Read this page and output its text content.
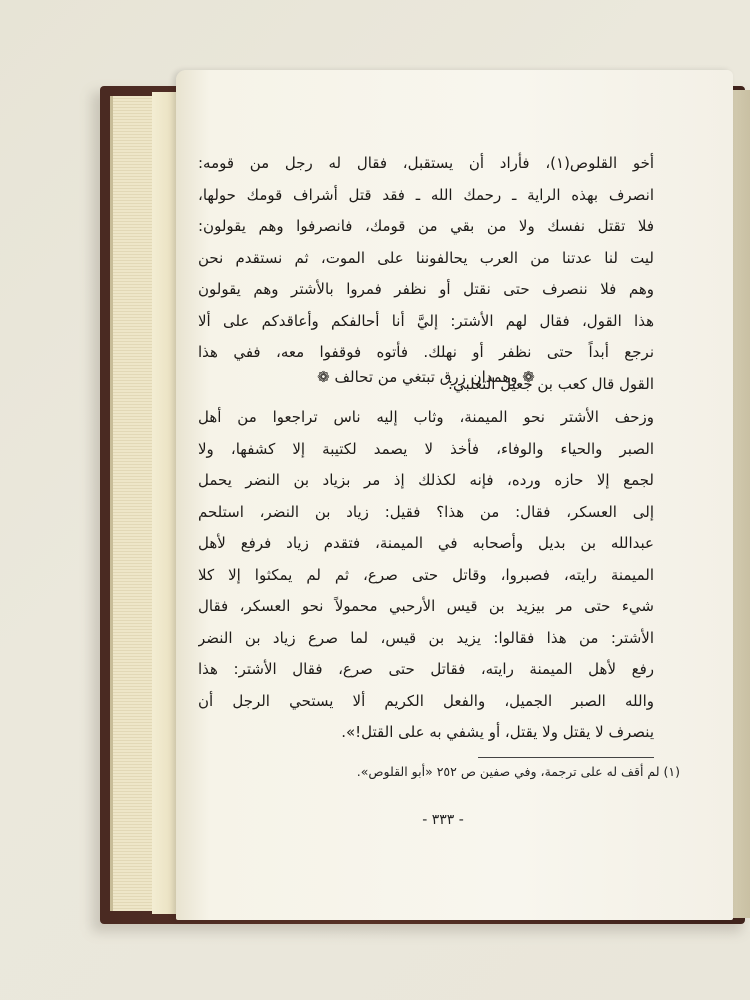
أخو القلوص(١)، فأراد أن يستقبل، فقال له رجل من قومه:
انصرف بهذه الراية ـ رحمك الله ـ فقد قتل أشراف قومك حولها،
فلا تقتل نفسك ولا من بقي من قومك، فانصرفوا وهم يقولون:
ليت لنا عدتنا من العرب يحالفوننا على الموت، ثم نستقدم نحن
وهم فلا ننصرف حتى نقتل أو نظفر فمروا بالأشتر وهم يقولون
هذا القول، فقال لهم الأشتر: إليَّ أنا أحالفكم وأعاقدكم على ألا
نرجع أبداً حتى نظفر أو نهلك. فأتوه فوقفوا معه، ففي هذا
القول قال كعب بن جعيل التغلبي:
❁ وهمدان زرق تبتغي من تحالف ❁
وزحف الأشتر نحو الميمنة، وثاب إليه ناس تراجعوا من أهل
الصبر والحياء والوفاء، فأخذ لا يصمد لكتيبة إلا كشفها، ولا
لجمع إلا حازه ورده، فإنه لكذلك إذ مر بزياد بن النضر يحمل
إلى العسكر، فقال: من هذا؟ فقيل: زياد بن النضر، استلحم
عبدالله بن بديل وأصحابه في الميمنة، فتقدم زياد فرفع لأهل
الميمنة رايته، فصبروا، وقاتل حتى صرع، ثم لم يمكثوا إلا كلا
شيء حتى مر بيزيد بن قيس الأرحبي محمولاً نحو العسكر، فقال
الأشتر: من هذا فقالوا: يزيد بن قيس، لما صرع زياد بن النضر
رفع لأهل الميمنة رايته، فقاتل حتى صرع، فقال الأشتر: هذا
والله الصبر الجميل، والفعل الكريم ألا يستحي الرجل أن
ينصرف لا يقتل ولا يقتل، أو يشفي به على القتل!».
(١) لم أقف له على ترجمة، وفي صفين ص ٢٥٢ «أبو القلوص».
- ٣٣٣ -
